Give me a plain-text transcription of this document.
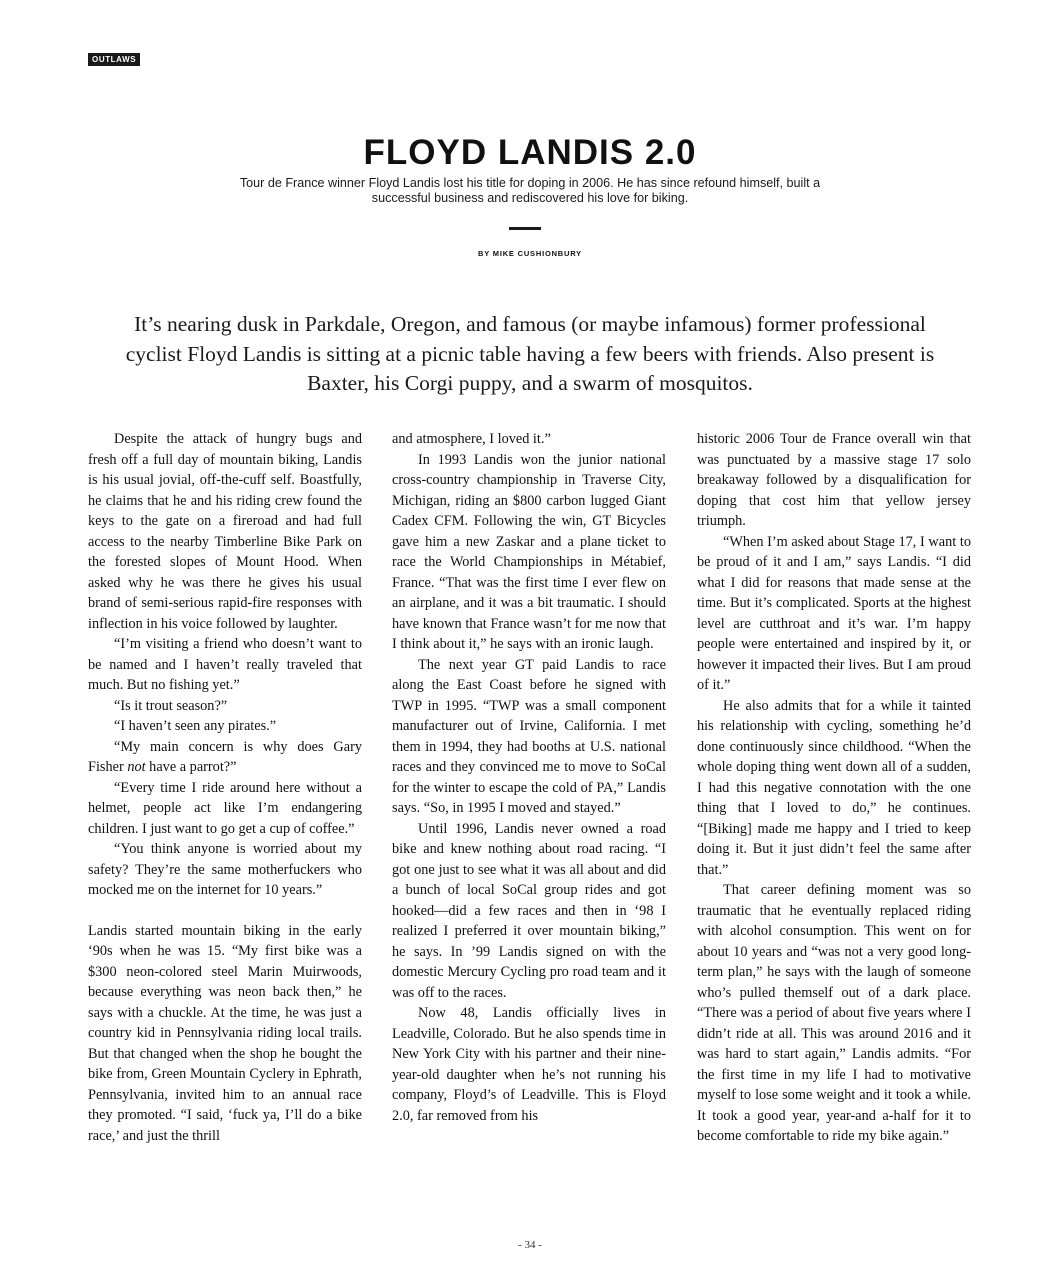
OUTLAWS
FLOYD LANDIS 2.0

Tour de France winner Floyd Landis lost his title for doping in 2006. He has since refound himself, built a successful business and rediscovered his love for biking.

BY MIKE CUSHIONBURY

It’s nearing dusk in Parkdale, Oregon, and famous (or maybe infamous) former professional cyclist Floyd Landis is sitting at a picnic table having a few beers with friends. Also present is Baxter, his Corgi puppy, and a swarm of mosquitos.

Despite the attack of hungry bugs and fresh off a full day of mountain biking, Landis is his usual jovial, off-the-cuff self. Boastfully, he claims that he and his riding crew found the keys to the gate on a fireroad and had full access to the nearby Timberline Bike Park on the forested slopes of Mount Hood. When asked why he was there he gives his usual brand of semi-serious rapid-fire responses with inflection in his voice followed by laughter.

“I’m visiting a friend who doesn’t want to be named and I haven’t really traveled that much. But no fishing yet.”

“Is it trout season?”

“I haven’t seen any pirates.”

“My main concern is why does Gary Fisher not have a parrot?”

“Every time I ride around here without a helmet, people act like I’m endangering children. I just want to go get a cup of coffee.”

“You think anyone is worried about my safety? They’re the same motherfuckers who mocked me on the internet for 10 years.”

Landis started mountain biking in the early ‘90s when he was 15. “My first bike was a $300 neon-colored steel Marin Muirwoods, because everything was neon back then,” he says with a chuckle. At the time, he was just a country kid in Pennsylvania riding local trails. But that changed when the shop he bought the bike from, Green Mountain Cyclery in Ephrath, Pennsylvania, invited him to an annual race they promoted. “I said, ‘fuck ya, I’ll do a bike race,’ and just the thrill

and atmosphere, I loved it.”

In 1993 Landis won the junior national cross-country championship in Traverse City, Michigan, riding an $800 carbon lugged Giant Cadex CFM. Following the win, GT Bicycles gave him a new Zaskar and a plane ticket to race the World Championships in Métabief, France. “That was the first time I ever flew on an airplane, and it was a bit traumatic. I should have known that France wasn’t for me now that I think about it,” he says with an ironic laugh.

The next year GT paid Landis to race along the East Coast before he signed with TWP in 1995. “TWP was a small component manufacturer out of Irvine, California. I met them in 1994, they had booths at U.S. national races and they convinced me to move to SoCal for the winter to escape the cold of PA,” Landis says. “So, in 1995 I moved and stayed.”

Until 1996, Landis never owned a road bike and knew nothing about road racing. “I got one just to see what it was all about and did a bunch of local SoCal group rides and got hooked—did a few races and then in ‘98 I realized I preferred it over mountain biking,” he says. In ’99 Landis signed on with the domestic Mercury Cycling pro road team and it was off to the races.

Now 48, Landis officially lives in Leadville, Colorado. But he also spends time in New York City with his partner and their nine-year-old daughter when he’s not running his company, Floyd’s of Leadville. This is Floyd 2.0, far removed from his

historic 2006 Tour de France overall win that was punctuated by a massive stage 17 solo breakaway followed by a disqualification for doping that cost him that yellow jersey triumph.

“When I’m asked about Stage 17, I want to be proud of it and I am,” says Landis. “I did what I did for reasons that made sense at the time. But it’s complicated. Sports at the highest level are cutthroat and it’s war. I’m happy people were entertained and inspired by it, or however it impacted their lives. But I am proud of it.”

He also admits that for a while it tainted his relationship with cycling, something he’d done continuously since childhood. “When the whole doping thing went down all of a sudden, I had this negative connotation with the one thing that I loved to do,” he continues. “[Biking] made me happy and I tried to keep doing it. But it just didn’t feel the same after that.”

That career defining moment was so traumatic that he eventually replaced riding with alcohol consumption. This went on for about 10 years and “was not a very good long-term plan,” he says with the laugh of someone who’s pulled themself out of a dark place. “There was a period of about five years where I didn’t ride at all. This was around 2016 and it was hard to start again,” Landis admits. “For the first time in my life I had to motivative myself to lose some weight and it took a while. It took a good year, year-and a-half for it to become comfortable to ride my bike again.”

- 34 -
